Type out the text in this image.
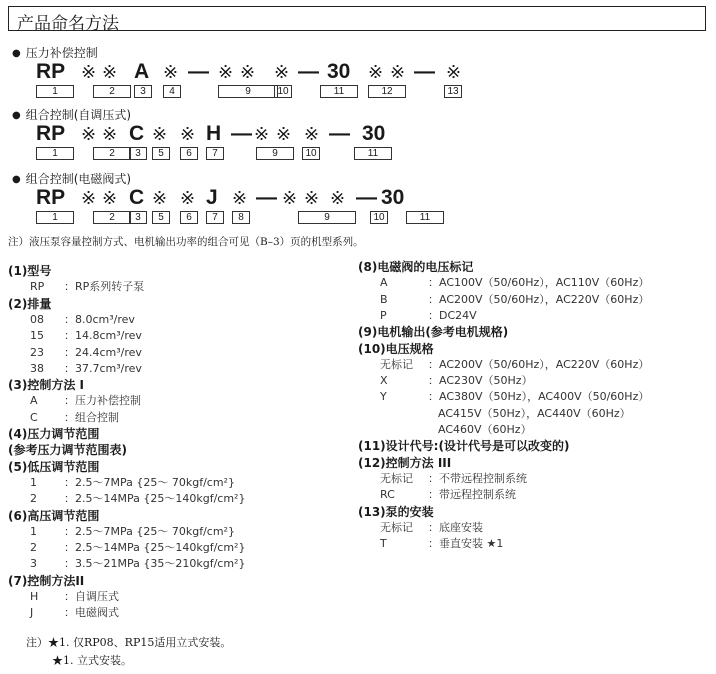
产品命名方法
● 压力补偿控制
RP ※ ※ A ※ — ※ ※ ※ — 30 ※ ※ — ※
1	2	3	4	9	10	11	12	13
● 组合控制(自调压式)
RP ※ ※ C ※ ※ H — ※ ※ ※ — 30
1	2	3	5	6	7	9	10	11
● 组合控制(电磁阀式)
RP ※ ※ C ※ ※ J ※ — ※ ※ ※ — 30
1	2	3	5	6	7	8	9	10	11
注）液压泵容量控制方式、电机输出功率的组合可见（B–3）页的机型系列。
(1)型号
RP ：RP系列转子泵
(2)排量
08 ：8.0cm³/rev
15 ：14.8cm³/rev
23 ：24.4cm³/rev
38 ：37.7cm³/rev
(3)控制方法 I
A ：压力补偿控制
C ：组合控制
(4)压力调节范围
(参考压力调节范围表)
(5)低压调节范围
1 ：2.5～7MPa {25～ 70kgf/cm²}
2 ：2.5～14MPa {25～140kgf/cm²}
(6)高压调节范围
1 ：2.5～7MPa {25～ 70kgf/cm²}
2 ：2.5～14MPa {25～140kgf/cm²}
3 ：3.5～21MPa {35～210kgf/cm²}
(7)控制方法II
H ：自调压式
J	：电磁阀式
(8)电磁阀的电压标记
A	：AC100V（50/60Hz），AC110V（60Hz）
B	：AC200V（50/60Hz），AC220V（60Hz）
P	：DC24V
(9)电机输出(参考电机规格)
(10)电压规格
无标记 ：AC200V（50/60Hz），AC220V（60Hz）
X	：AC230V（50Hz）
Y	：AC380V（50Hz），AC400V（50/60Hz）
AC415V（50Hz），AC440V（60Hz）
AC460V（60Hz）
(11)设计代号:(设计代号是可以改变的)
(12)控制方法 III
无标记 ：不带远程控制系统
RC	：带远程控制系统
(13)泵的安装
无标记 ：底座安装
T	：垂直安装 ★1
注）★1. 仅RP08、RP15适用立式安装。
★1. 立式安装。
